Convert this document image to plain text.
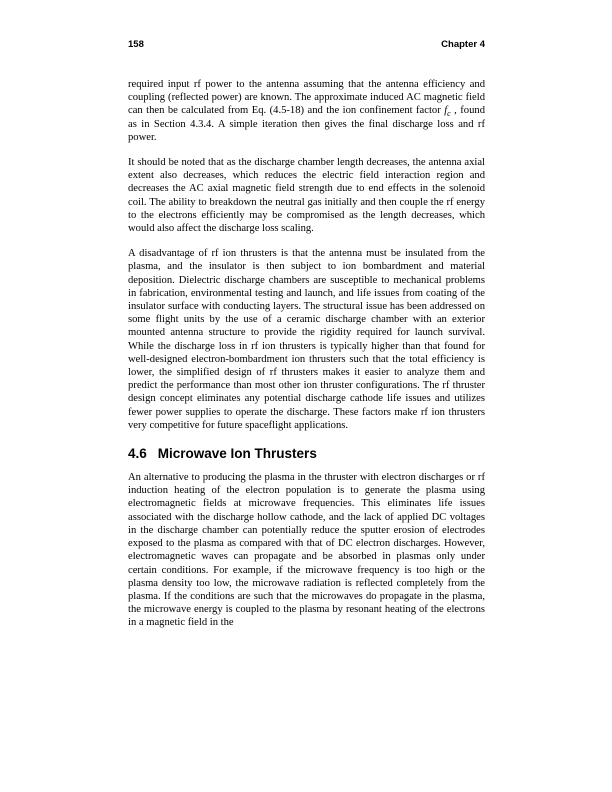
158	Chapter 4

required input rf power to the antenna assuming that the antenna efficiency and coupling (reflected power) are known. The approximate induced AC magnetic field can then be calculated from Eq. (4.5-18) and the ion confinement factor $f_c$ , found as in Section 4.3.4. A simple iteration then gives the final discharge loss and rf power.

It should be noted that as the discharge chamber length decreases, the antenna axial extent also decreases, which reduces the electric field interaction region and decreases the AC axial magnetic field strength due to end effects in the solenoid coil. The ability to breakdown the neutral gas initially and then couple the rf energy to the electrons efficiently may be compromised as the length decreases, which would also affect the discharge loss scaling.

A disadvantage of rf ion thrusters is that the antenna must be insulated from the plasma, and the insulator is then subject to ion bombardment and material deposition. Dielectric discharge chambers are susceptible to mechanical problems in fabrication, environmental testing and launch, and life issues from coating of the insulator surface with conducting layers. The structural issue has been addressed on some flight units by the use of a ceramic discharge chamber with an exterior mounted antenna structure to provide the rigidity required for launch survival. While the discharge loss in rf ion thrusters is typically higher than that found for well-designed electron-bombardment ion thrusters such that the total efficiency is lower, the simplified design of rf thrusters makes it easier to analyze them and predict the performance than most other ion thruster configurations. The rf thruster design concept eliminates any potential discharge cathode life issues and utilizes fewer power supplies to operate the discharge. These factors make rf ion thrusters very competitive for future spaceflight applications.

4.6 Microwave Ion Thrusters

An alternative to producing the plasma in the thruster with electron discharges or rf induction heating of the electron population is to generate the plasma using electromagnetic fields at microwave frequencies. This eliminates life issues associated with the discharge hollow cathode, and the lack of applied DC voltages in the discharge chamber can potentially reduce the sputter erosion of electrodes exposed to the plasma as compared with that of DC electron discharges. However, electromagnetic waves can propagate and be absorbed in plasmas only under certain conditions. For example, if the microwave frequency is too high or the plasma density too low, the microwave radiation is reflected completely from the plasma. If the conditions are such that the microwaves do propagate in the plasma, the microwave energy is coupled to the plasma by resonant heating of the electrons in a magnetic field in the
